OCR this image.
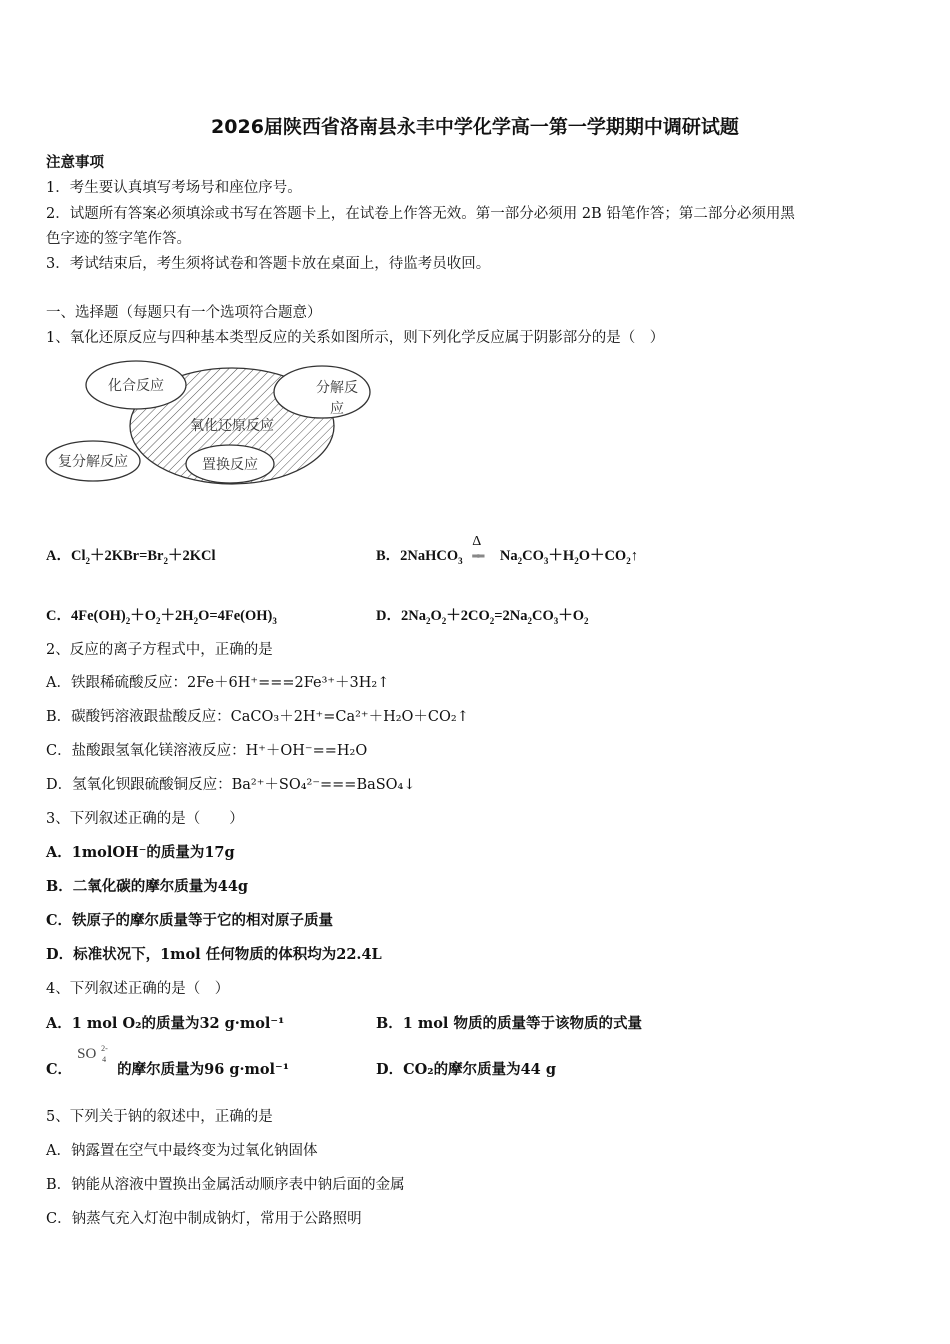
2026届陕西省洛南县永丰中学化学高一第一学期期中调研试题
注意事项
1．考生要认真填写考场号和座位序号。
2．试题所有答案必须填涂或书写在答题卡上，在试卷上作答无效。第一部分必须用 2B 铅笔作答；第二部分必须用黑
色字迹的签字笔作答。
3．考试结束后，考生须将试卷和答题卡放在桌面上，待监考员收回。
一、选择题（每题只有一个选项符合题意）
1、氧化还原反应与四种基本类型反应的关系如图所示，则下列化学反应属于阴影部分的是（　）
化合反应	分解反
应
氧化还原反应
复分解反应	置换反应
A．$Cl_2+2KBr=Br_2+2KCl$	B．2NaHCO$_3$
Δ
══ $Na_2CO_3+H_2O+CO_2↑$
C．$4Fe(OH)_2+O_2+2H_2O=4Fe(OH)_3$	D．$2Na_2O_2+2CO_2=2Na_2CO_3+O_2$
2、反应的离子方程式中，正确的是
A．铁跟稀硫酸反应：2Fe＋6H⁺===2Fe³⁺＋3H₂↑
B．碳酸钙溶液跟盐酸反应：CaCO₃＋2H⁺=Ca²⁺＋H₂O＋CO₂↑
C．盐酸跟氢氧化镁溶液反应：H⁺＋OH⁻==H₂O
D．氢氧化钡跟硫酸铜反应：Ba²⁺＋SO₄²⁻===BaSO₄↓
3、下列叙述正确的是（　　）
A．1molOH⁻的质量为17g
B．二氧化碳的摩尔质量为44g
C．铁原子的摩尔质量等于它的相对原子质量
D．标准状况下，1mol 任何物质的体积均为22.4L
4、下列叙述正确的是（　）
A．1 mol O₂的质量为32 g·mol⁻¹	B．1 mol 物质的质量等于该物质的式量
C．
SO 2-
4
的摩尔质量为96 g·mol⁻¹	D．CO₂的摩尔质量为44 g
5、下列关于钠的叙述中，正确的是
A．钠露置在空气中最终变为过氧化钠固体
B．钠能从溶液中置换出金属活动顺序表中钠后面的金属
C．钠蒸气充入灯泡中制成钠灯，常用于公路照明
